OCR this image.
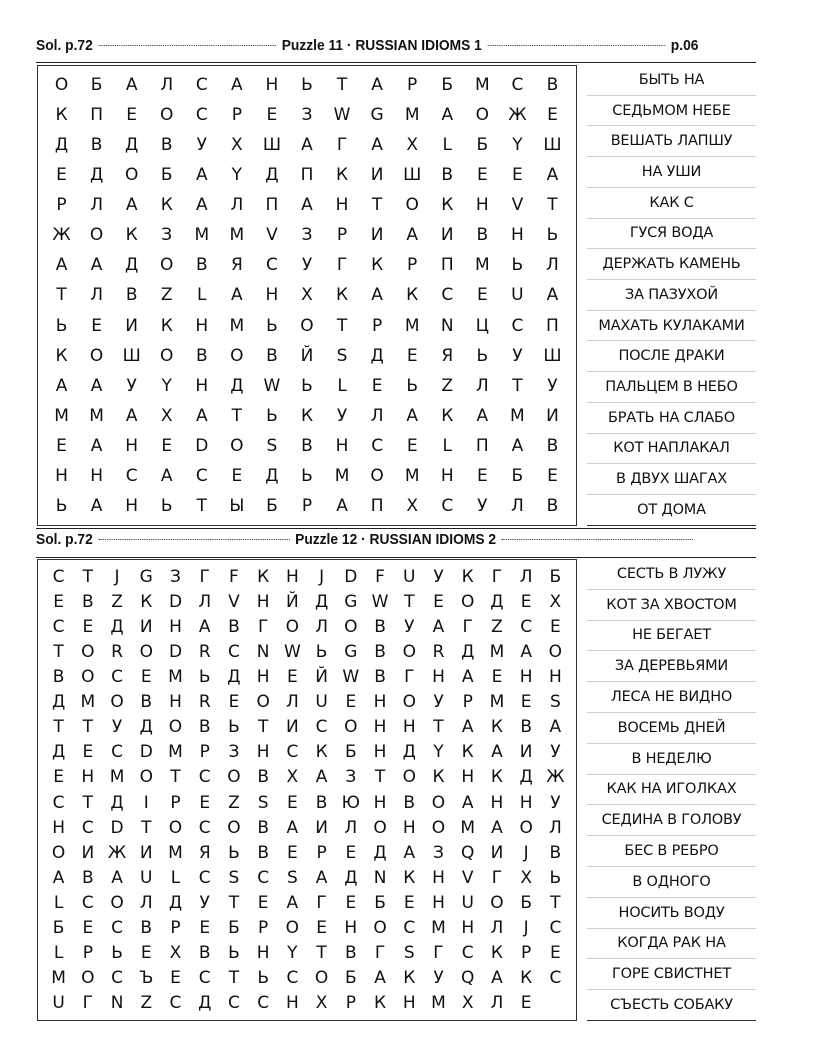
Sol. p.72	Puzzle 11 · RUSSIAN IDIOMS 1	p.06
О	Б	А	Л	С	А	Н	Ь	Т	А	Р	Б	М	С	В
К	П	Е	О	С	Р	Е	З	W	G	М	А	О	Ж	Е
Д	В	Д	В	У	Х	Ш	А	Г	А	X	L	Б	Y	Ш
Е	Д	О	Б	А	Y	Д	П	К	И	Ш	В	Е	Е	А
Р	Л	А	К	А	Л	П	А	Н	Т	О	К	Н	V	Т
Ж	О	К	З	М	М	V	З	Р	И	А	И	В	Н	Ь
А	А	Д	О	В	Я	С	У	Г	К	Р	П	М	Ь	Л
Т	Л	В	Z	L	А	Н	Х	К	А	К	С	Е	U	А
Ь	Е	И	К	Н	М	Ь	О	Т	Р	М	N	Ц	С	П
К	О	Ш	О	В	О	В	Й	S	Д	Е	Я	Ь	У	Ш
А	А	У	Y	Н	Д	W	Ь	L	Е	Ь	Z	Л	Т	У
М	М	А	Х	А	Т	Ь	К	У	Л	А	К	А	М	И
Е	А	Н	Е	D	О	S	В	Н	С	Е	L	П	А	В
Н	Н	С	А	С	Е	Д	Ь	М	О	М	Н	Е	Б	Е
Ь	А	Н	Ь	Т	Ы	Б	Р	А	П	Х	С	У	Л	В
БЫТЬ НА
СЕДЬМОМ НЕБЕ
ВЕШАТЬ ЛАПШУ
НА УШИ
КАК С
ГУСЯ ВОДА
ДЕРЖАТЬ КАМЕНЬ
ЗА ПАЗУХОЙ
МАХАТЬ КУЛАКАМИ
ПОСЛЕ ДРАКИ
ПАЛЬЦЕМ В НЕБО
БРАТЬ НА СЛАБО
КОТ НАПЛАКАЛ
В ДВУХ ШАГАХ
ОТ ДОМА
Sol. p.72	Puzzle 12 · RUSSIAN IDIOMS 2
С	Т	J	G	З	Г	F	К Н	J	D	F	U	У	К	Г	Л Б
Е	В	Z	К D Л	V	Н Й Д G W Т	Е	О Д	Е	Х
С	Е	Д И Н	А	В	Г	О Л О В	У	А	Г	Z	С	Е
Т	О R О D R	С N W Ь G В О R Д М А О
В О С	Е М Ь Д Н	Е	Й W В	Г	Н	А	Е	Н Н
Д М О В	Н R	Е	О Л U	Е	Н О	У	Р М Е	S
Т	Т	У	Д О В	Ь	Т	И С О Н Н	Т	А	К	В	А
Д	Е	С D М Р	З	Н С	К	Б Н Д	Y	К	А	И	У
Е	Н М О	Т	С О В	Х	А	З	Т	О К Н К Д Ж
С	Т	Д	I	Р	Е	Z	S	Е	В Ю Н В О А	Н Н	У
Н С D	Т	О С О В	А	И Л О Н О М А О Л
О И Ж И М Я	Ь	В	Е	Р	Е	Д А	З	Q И	J	В
А	В	А	U	L	С	S	С	S	А Д N К Н	V	Г	Х	Ь
L	С О Л Д	У	Т	Е	А	Г	Е	Б	Е	Н U О Б	Т
Б	Е	С	В	Р	Е	Б	Р	О	Е	Н О С М Н Л	J	С
L	Р	Ь	Е	Х	В	Ь Н	Y	Т	В	Г	S	Г	С	К	Р	Е
М О С Ъ Е	С	Т	Ь	С О Б	А	К	У	Q А	К	С
U	Г	N	Z	С Д С	С Н	Х	Р	К Н М Х Л	Е
СЕСТЬ В ЛУЖУ
КОТ ЗА ХВОСТОМ
НЕ БЕГАЕТ
ЗА ДЕРЕВЬЯМИ
ЛЕСА НЕ ВИДНО
ВОСЕМЬ ДНЕЙ
В НЕДЕЛЮ
КАК НА ИГОЛКАХ
СЕДИНА В ГОЛОВУ
БЕС В РЕБРО
В ОДНОГО
НОСИТЬ ВОДУ
КОГДА РАК НА
ГОРЕ СВИСТНЕТ
СЪЕСТЬ СОБАКУ
